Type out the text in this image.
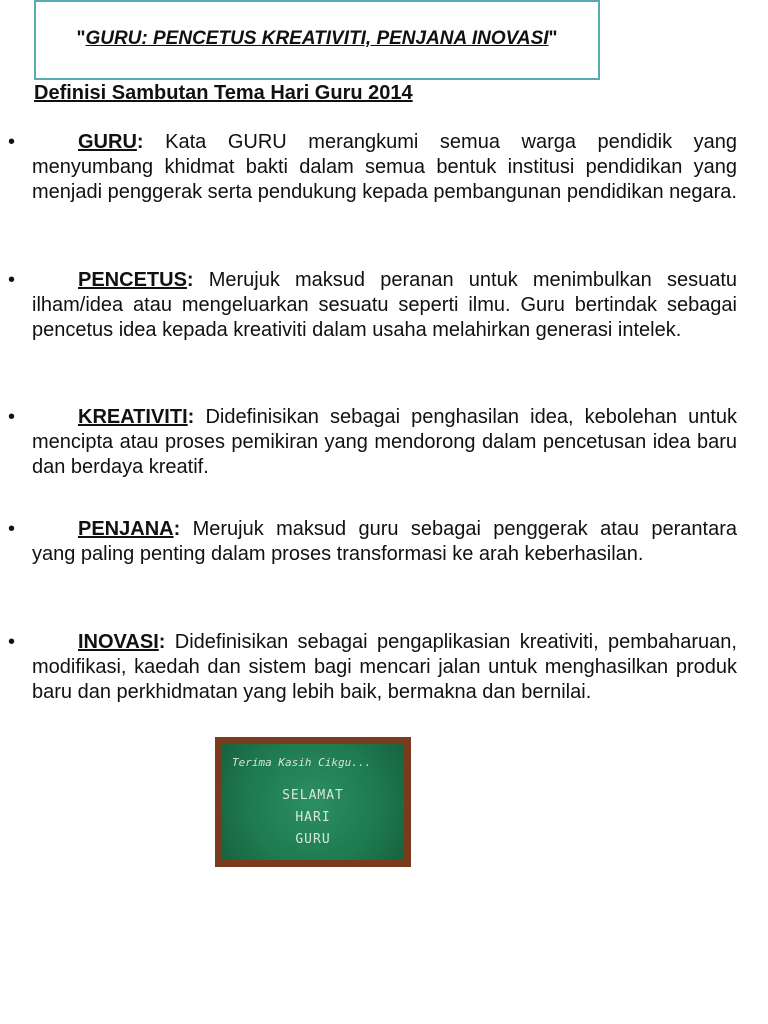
"GURU: PENCETUS KREATIVITI, PENJANA INOVASI"
Definisi Sambutan Tema Hari Guru 2014
•	GURU: Kata GURU merangkumi semua warga pendidik yang menyumbang khidmat bakti dalam semua bentuk institusi pendidikan yang menjadi penggerak serta pendukung kepada pembangunan pendidikan negara.
•	PENCETUS: Merujuk maksud peranan untuk menimbulkan sesuatu ilham/idea atau mengeluarkan sesuatu seperti ilmu. Guru bertindak sebagai pencetus idea kepada kreativiti dalam usaha melahirkan generasi intelek.
•	KREATIVITI: Didefinisikan sebagai penghasilan idea, kebolehan untuk mencipta atau proses pemikiran yang mendorong dalam pencetusan idea baru dan berdaya kreatif.
•	PENJANA: Merujuk maksud guru sebagai penggerak atau perantara yang paling penting dalam proses transformasi ke arah keberhasilan.
•	INOVASI: Didefinisikan sebagai pengaplikasian kreativiti, pembaharuan, modifikasi, kaedah dan sistem bagi mencari jalan untuk menghasilkan produk baru dan perkhidmatan yang lebih baik, bermakna dan bernilai.
Terima Kasih Cikgu...
SELAMAT
HARI
GURU
